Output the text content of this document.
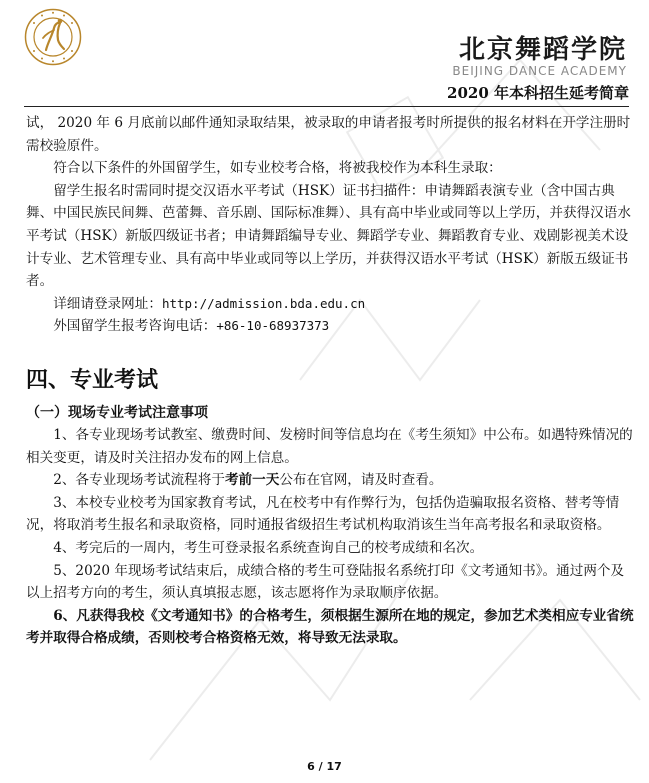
北京舞蹈学院
BEIJING DANCE ACADEMY
2020 年本科招生延考简章

试， 2020 年 6 月底前以邮件通知录取结果，被录取的申请者报考时所提供的报名材料在开学注册时需校验原件。

符合以下条件的外国留学生，如专业校考合格，将被我校作为本科生录取：

留学生报名时需同时提交汉语水平考试（HSK）证书扫描件：申请舞蹈表演专业（含中国古典舞、中国民族民间舞、芭蕾舞、音乐剧、国际标准舞）、具有高中毕业或同等以上学历，并获得汉语水平考试（HSK）新版四级证书者；申请舞蹈编导专业、舞蹈学专业、舞蹈教育专业、戏剧影视美术设计专业、艺术管理专业、具有高中毕业或同等以上学历，并获得汉语水平考试（HSK）新版五级证书者。

详细请登录网址：http://admission.bda.edu.cn

外国留学生报考咨询电话：+86-10-68937373

四、专业考试
（一）现场专业考试注意事项

1、各专业现场考试教室、缴费时间、发榜时间等信息均在《考生须知》中公布。如遇特殊情况的相关变更，请及时关注招办发布的网上信息。

2、各专业现场考试流程将于考前一天公布在官网，请及时查看。

3、本校专业校考为国家教育考试，凡在校考中有作弊行为，包括伪造骗取报名资格、替考等情况，将取消考生报名和录取资格，同时通报省级招生考试机构取消该生当年高考报名和录取资格。

4、考完后的一周内，考生可登录报名系统查询自己的校考成绩和名次。

5、2020 年现场考试结束后，成绩合格的考生可登陆报名系统打印《文考通知书》。通过两个及以上招考方向的考生，须认真填报志愿，该志愿将作为录取顺序依据。

6、凡获得我校《文考通知书》的合格考生，须根据生源所在地的规定，参加艺术类相应专业省统考并取得合格成绩，否则校考合格资格无效，将导致无法录取。

6 / 17
